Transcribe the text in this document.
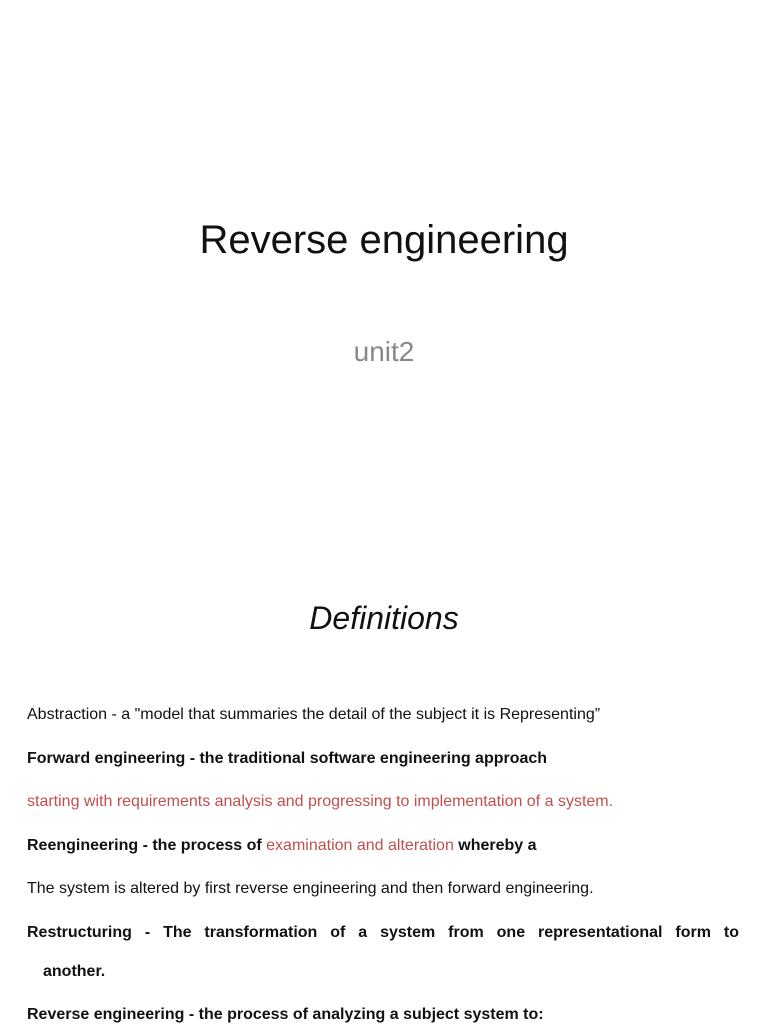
Reverse engineering
unit2
Definitions
Abstraction - a "model that summaries the detail of the subject it is Representing”
Forward engineering - the traditional software engineering approach
starting with requirements analysis and progressing to implementation of a system.
Reengineering - the process of examination and alteration whereby a
The system is altered by first reverse engineering and then forward engineering.
Restructuring - The transformation of a system from one representational form to
another.
Reverse engineering - the process of analyzing a subject system to:
